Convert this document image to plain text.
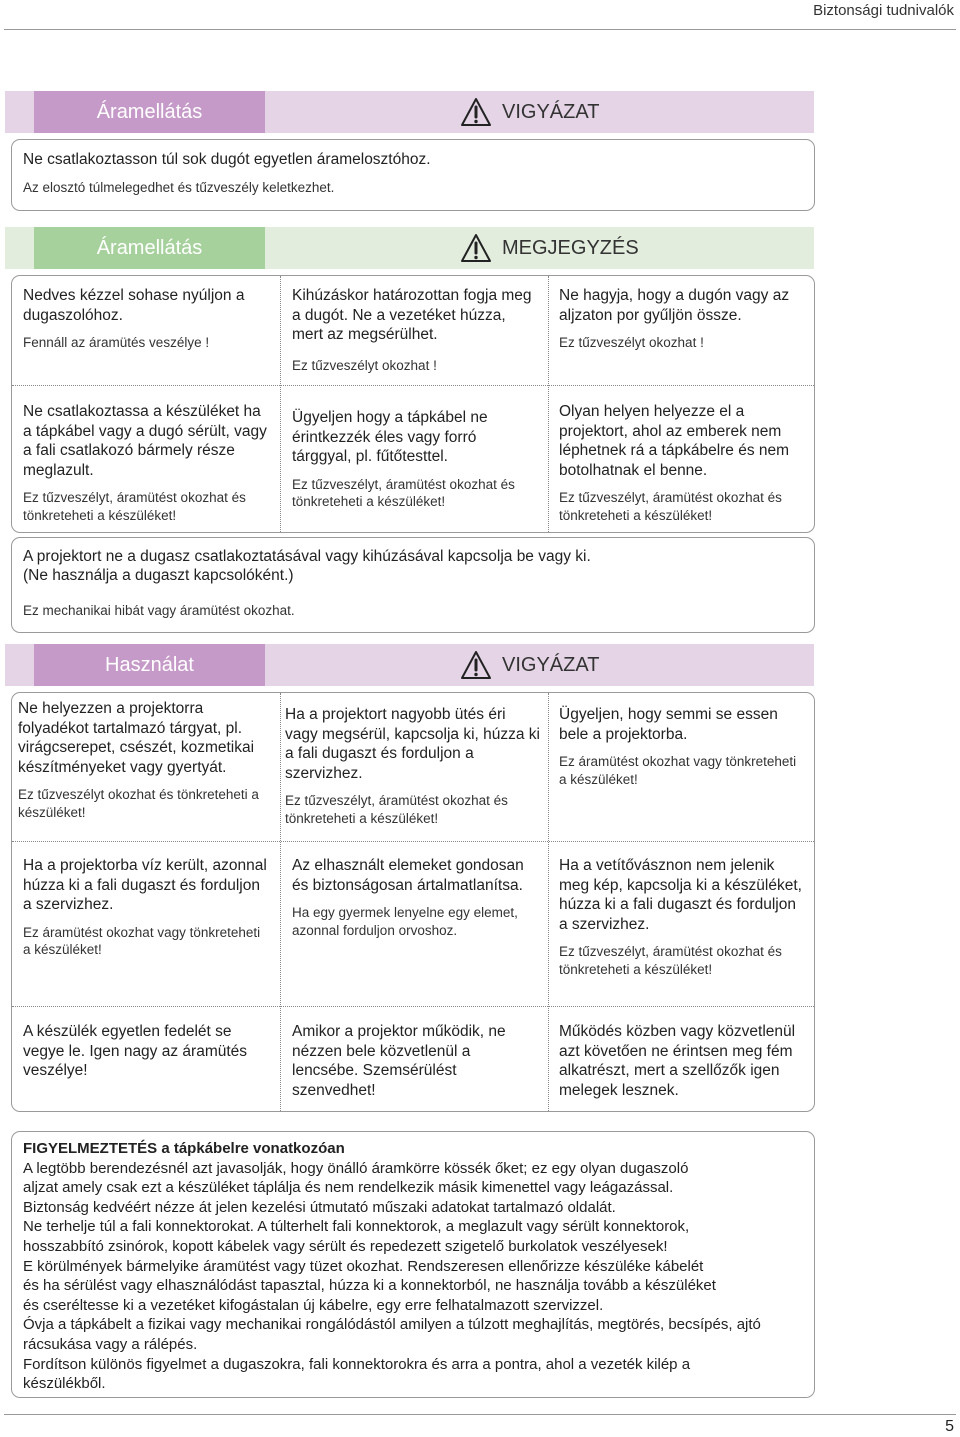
Biztonsági tudnivalók
Áramellátás	VIGYÁZAT

Ne csatlakoztasson túl sok dugót egyetlen áramelosztóhoz.

Az elosztó túlmelegedhet és tűzveszély keletkezhet.

Áramellátás	MEGJEGYZÉS

Nedves kézzel sohase nyúljon a dugaszolóhoz.

Fennáll az áramütés veszélye !

Kihúzáskor határozottan fogja meg a dugót. Ne a vezetéket húzza, mert az megsérülhet.

Ez tűzveszélyt okozhat !

Ne hagyja, hogy a dugón vagy az aljzaton por gyűljön össze.

Ez tűzveszélyt okozhat !

Ne csatlakoztassa a készüléket ha a tápkábel vagy a dugó sérült, vagy a fali csatlakozó bármely része meglazult.

Ez tűzveszélyt, áramütést okozhat és tönkreteheti a készüléket!

Ügyeljen hogy a tápkábel ne érintkezzék éles vagy forró tárggyal, pl. fűtőtesttel.

Ez tűzveszélyt, áramütést okozhat és tönkreteheti a készüléket!

Olyan helyen helyezze el a projektort, ahol az emberek nem léphetnek rá a tápkábelre és nem botolhatnak el benne.

Ez tűzveszélyt, áramütést okozhat és tönkreteheti a készüléket!

A projektort ne a dugasz csatlakoztatásával vagy kihúzásával kapcsolja be vagy ki.

(Ne használja a dugaszt kapcsolóként.)

Ez mechanikai hibát vagy áramütést okozhat.

Használat	VIGYÁZAT

Ne helyezzen a projektorra folyadékot tartalmazó tárgyat, pl. virágcserepet, csészét, kozmetikai készítményeket vagy gyertyát.

Ez tűzveszélyt okozhat és tönkreteheti a készüléket!

Ha a projektort nagyobb ütés éri vagy megsérül, kapcsolja ki, húzza ki a fali dugaszt és forduljon a szervizhez.

Ez tűzveszélyt, áramütést okozhat és tönkreteheti a készüléket!

Ügyeljen, hogy semmi se essen bele a projektorba.

Ez áramütést okozhat vagy tönkreteheti a készüléket!

Ha a projektorba víz került, azonnal húzza ki a fali dugaszt és forduljon a szervizhez.

Ez áramütést okozhat vagy tönkreteheti a készüléket!

Az elhasznált elemeket gondosan és biztonságosan ártalmatlanítsa.

Ha egy gyermek lenyelne egy elemet, azonnal forduljon orvoshoz.

Ha a vetítővásznon nem jelenik meg kép, kapcsolja ki a készüléket, húzza ki a fali dugaszt és forduljon a szervizhez.

Ez tűzveszélyt, áramütést okozhat és tönkreteheti a készüléket!

A készülék egyetlen fedelét se vegye le. Igen nagy az áramütés veszélye!

Amikor a projektor működik, ne nézzen bele közvetlenül a lencsébe. Szemsérülést szenvedhet!

Működés közben vagy közvetlenül azt követően ne érintsen meg fém alkatrészt, mert a szellőzők igen melegek lesznek.

FIGYELMEZTETÉS a tápkábelre vonatkozóan

A legtöbb berendezésnél azt javasolják, hogy önálló áramkörre kössék őket; ez egy olyan dugaszoló

aljzat amely csak ezt a készüléket táplálja és nem rendelkezik másik kimenettel vagy leágazással.

Biztonság kedvéért nézze át jelen kezelési útmutató műszaki adatokat tartalmazó oldalát.

Ne terhelje túl a fali konnektorokat. A túlterhelt fali konnektorok, a meglazult vagy sérült konnektorok,

hosszabbító zsinórok, kopott kábelek vagy sérült és repedezett szigetelő burkolatok veszélyesek!

E körülmények bármelyike áramütést vagy tüzet okozhat. Rendszeresen ellenőrizze készüléke kábelét

és ha sérülést vagy elhasználódást tapasztal, húzza ki a konnektorból, ne használja tovább a készüléket

és cseréltesse ki a vezetéket kifogástalan új kábelre, egy erre felhatalmazott szervizzel.

Óvja a tápkábelt a fizikai vagy mechanikai rongálódástól amilyen a túlzott meghajlítás, megtörés, becsípés, ajtó rácsukása vagy a rálépés.

Fordítson különös figyelmet a dugaszokra, fali konnektorokra és arra a pontra, ahol a vezeték kilép a készülékből.

5
